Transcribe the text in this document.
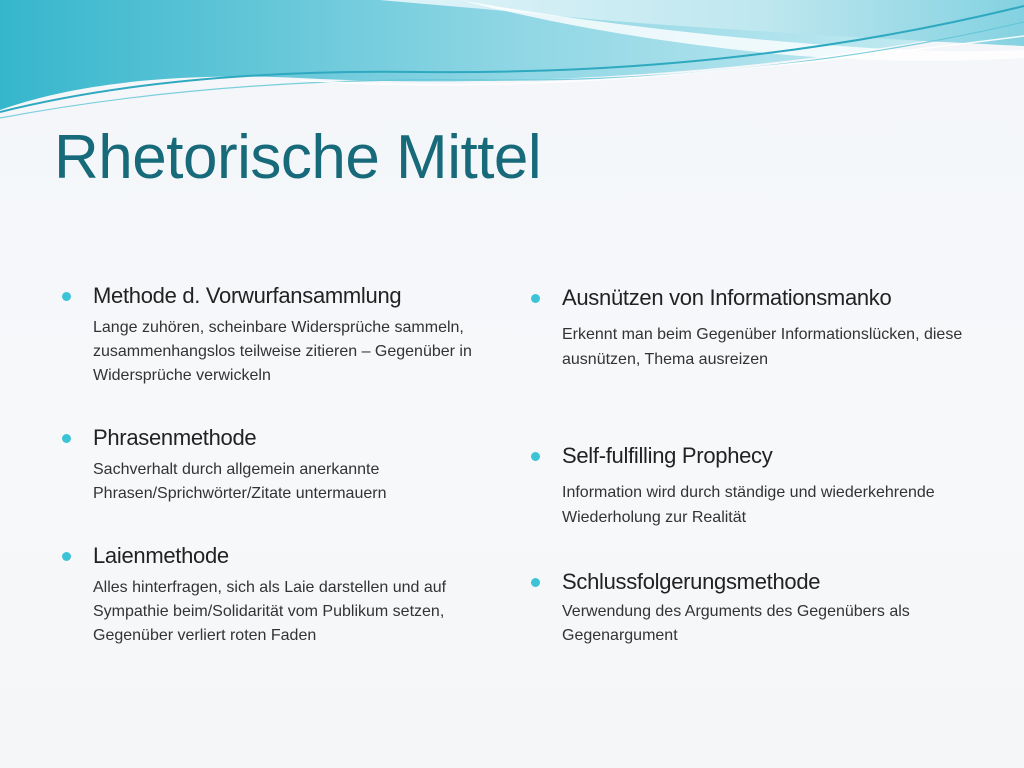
Rhetorische Mittel
Methode d. Vorwurfansammlung
Lange zuhören, scheinbare Widersprüche sammeln, zusammenhangslos teilweise zitieren – Gegenüber in Widersprüche verwickeln
Phrasenmethode
Sachverhalt durch allgemein anerkannte Phrasen/Sprichwörter/Zitate untermauern
Laienmethode
Alles hinterfragen, sich als Laie darstellen und auf Sympathie beim/Solidarität vom Publikum setzen, Gegenüber verliert roten Faden
Ausnützen von Informationsmanko
Erkennt man beim Gegenüber Informationslücken, diese ausnützen, Thema ausreizen
Self-fulfilling Prophecy
Information wird durch ständige und wiederkehrende Wiederholung zur Realität
Schlussfolgerungsmethode
Verwendung des Arguments des Gegenübers als Gegenargument
